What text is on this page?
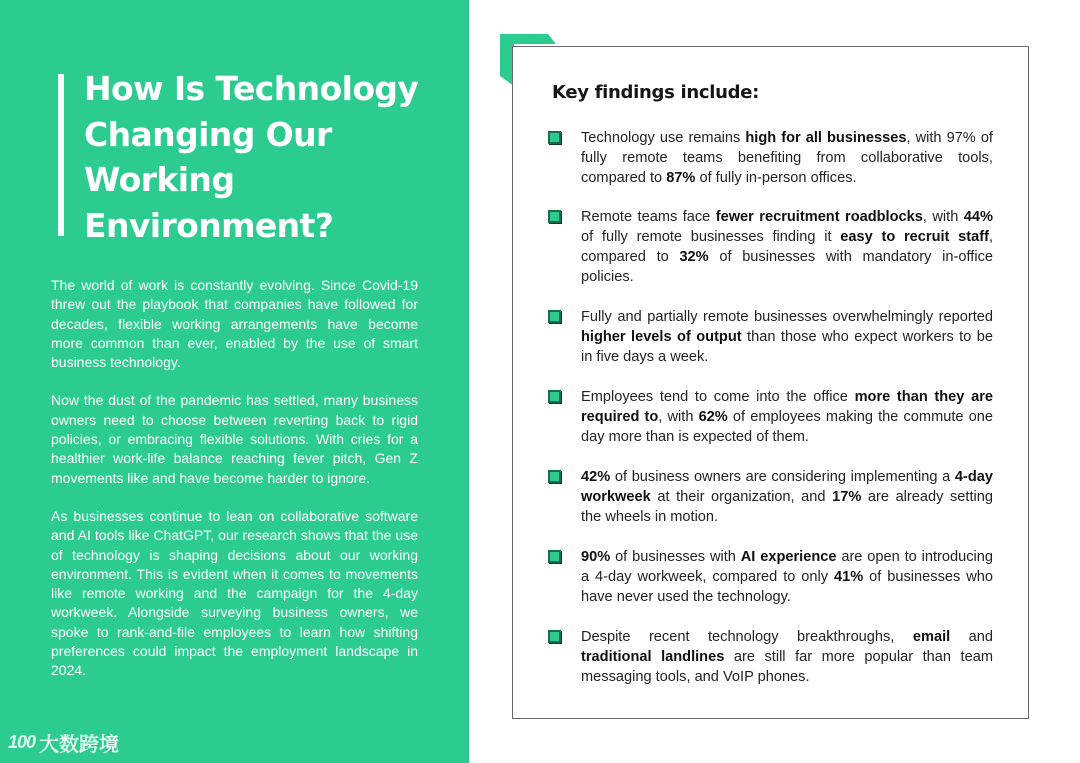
How Is Technology Changing Our Working Environment?

The world of work is constantly evolving. Since Covid-19 threw out the playbook that companies have followed for decades, flexible working arrangements have become more common than ever, enabled by the use of smart business technology.

Now the dust of the pandemic has settled, many business owners need to choose between reverting back to rigid policies, or embracing flexible solutions. With cries for a healthier work-life balance reaching fever pitch, Gen Z movements like and have become harder to ignore.

As businesses continue to lean on collaborative software and AI tools like ChatGPT, our research shows that the use of technology is shaping decisions about our working environment. This is evident when it comes to movements like remote working and the campaign for the 4-day workweek. Alongside surveying business owners, we spoke to rank-and-file employees to learn how shifting preferences could impact the employment landscape in 2024.

100 大数跨境
Key findings include:
Technology use remains high for all businesses, with 97% of fully remote teams benefiting from collaborative tools, compared to 87% of fully in-person offices.
Remote teams face fewer recruitment roadblocks, with 44% of fully remote businesses finding it easy to recruit staff, compared to 32% of businesses with mandatory in-office policies.
Fully and partially remote businesses overwhelmingly reported higher levels of output than those who expect workers to be in five days a week.
Employees tend to come into the office more than they are required to, with 62% of employees making the commute one day more than is expected of them.
42% of business owners are considering implementing a 4-day workweek at their organization, and 17% are already setting the wheels in motion.
90% of businesses with AI experience are open to introducing a 4-day workweek, compared to only 41% of businesses who have never used the technology.
Despite recent technology breakthroughs, email and traditional landlines are still far more popular than team messaging tools, and VoIP phones.
